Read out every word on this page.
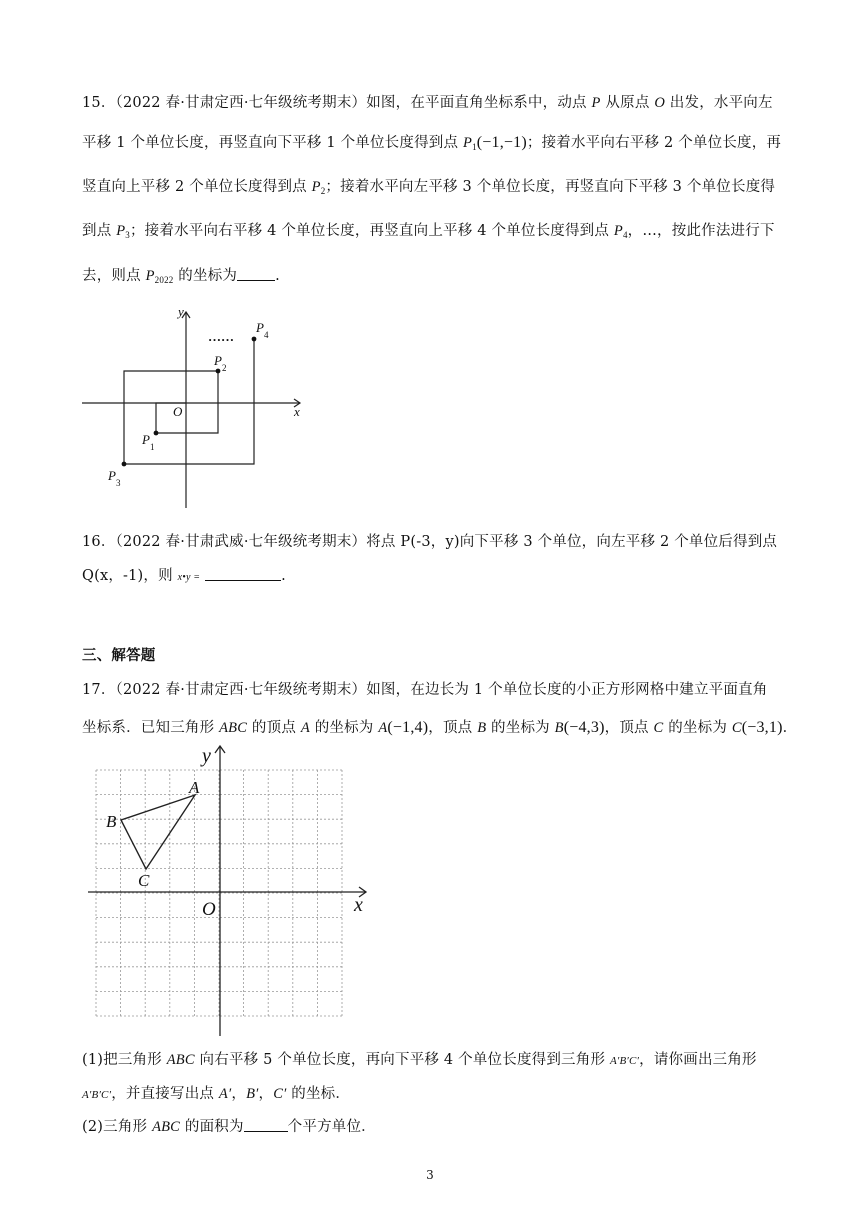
15．（2022 春·甘肃定西·七年级统考期末）如图，在平面直角坐标系中，动点 P 从原点 O 出发，水平向左
平移 1 个单位长度，再竖直向下平移 1 个单位长度得到点 $P_1(-1,-1)$；接着水平向右平移 2 个单位长度，再
竖直向上平移 2 个单位长度得到点 $P_2$；接着水平向左平移 3 个单位长度，再竖直向下平移 3 个单位长度得
到点 $P_3$；接着水平向右平移 4 个单位长度，再竖直向上平移 4 个单位长度得到点 $P_4$，…，按此作法进行下
去，则点 $P_{2022}$ 的坐标为	.
y
x
O
……
$P_1$
$P_2$
$P_3$
$P_4$
16．（2022 春·甘肃武威·七年级统考期末）将点 P(-3，y)向下平移 3 个单位，向左平移 2 个单位后得到点
Q(x，-1)，则 x•y =	.
三、解答题
17．（2022 春·甘肃定西·七年级统考期末）如图，在边长为 1 个单位长度的小正方形网格中建立平面直角
坐标系．已知三角形 ABC 的顶点 A 的坐标为 A(−1,4)，顶点 B 的坐标为 B(−4,3)，顶点 C 的坐标为 C(−3,1)．
y
x
O
A
B
C
(1)把三角形 ABC 向右平移 5 个单位长度，再向下平移 4 个单位长度得到三角形 A′B′C′，请你画出三角形
A′B′C′，并直接写出点 A′，B′，C′ 的坐标．
(2)三角形 ABC 的面积为	个平方单位．
3
